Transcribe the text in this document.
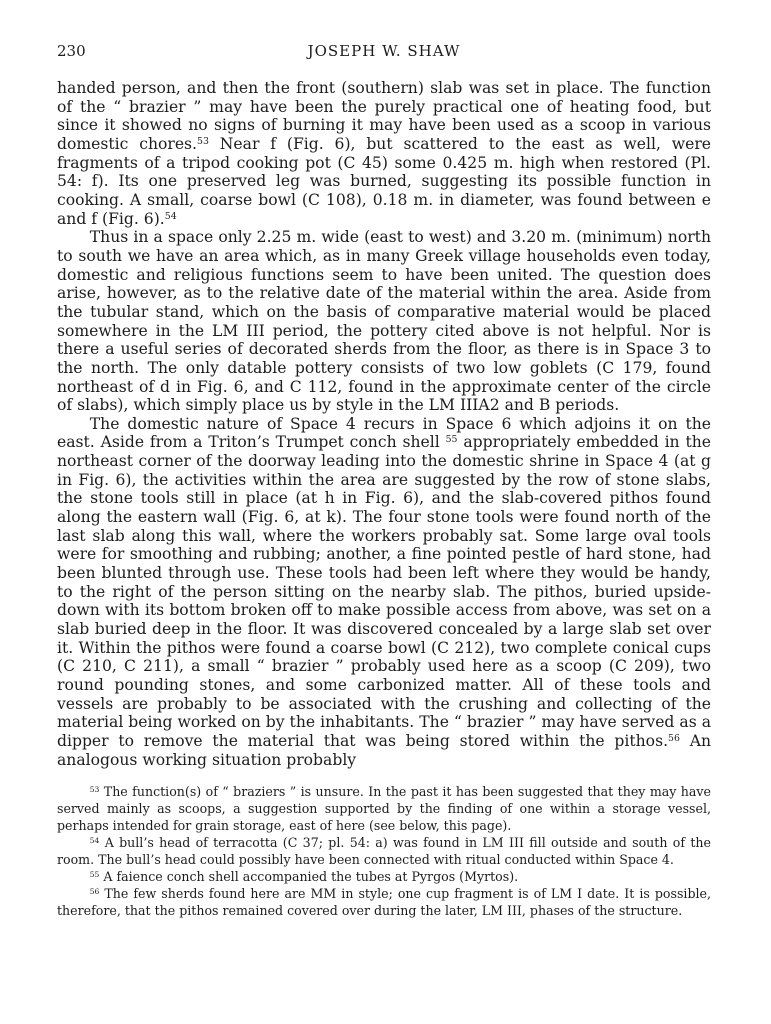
230	JOSEPH W. SHAW

handed person, and then the front (southern) slab was set in place. The function of the “ brazier ” may have been the purely practical one of heating food, but since it showed no signs of burning it may have been used as a scoop in various domestic chores.$^{53}$ Near f (Fig. 6), but scattered to the east as well, were fragments of a tripod cooking pot (C 45) some 0.425 m. high when restored (Pl. 54: f). Its one preserved leg was burned, suggesting its possible function in cooking. A small, coarse bowl (C 108), 0.18 m. in diameter, was found between e and f (Fig. 6).$^{54}$

Thus in a space only 2.25 m. wide (east to west) and 3.20 m. (minimum) north to south we have an area which, as in many Greek village households even today, domestic and religious functions seem to have been united. The question does arise, however, as to the relative date of the material within the area. Aside from the tubular stand, which on the basis of comparative material would be placed somewhere in the LM III period, the pottery cited above is not helpful. Nor is there a useful series of decorated sherds from the floor, as there is in Space 3 to the north. The only datable pottery consists of two low goblets (C 179, found northeast of d in Fig. 6, and C 112, found in the approximate center of the circle of slabs), which simply place us by style in the LM IIIA2 and B periods.

The domestic nature of Space 4 recurs in Space 6 which adjoins it on the east. Aside from a Triton’s Trumpet conch shell $^{55}$ appropriately embedded in the northeast corner of the doorway leading into the domestic shrine in Space 4 (at g in Fig. 6), the activities within the area are suggested by the row of stone slabs, the stone tools still in place (at h in Fig. 6), and the slab-covered pithos found along the eastern wall (Fig. 6, at k). The four stone tools were found north of the last slab along this wall, where the workers probably sat. Some large oval tools were for smoothing and rubbing; another, a fine pointed pestle of hard stone, had been blunted through use. These tools had been left where they would be handy, to the right of the person sitting on the nearby slab. The pithos, buried upside-down with its bottom broken off to make possible access from above, was set on a slab buried deep in the floor. It was discovered concealed by a large slab set over it. Within the pithos were found a coarse bowl (C 212), two complete conical cups (C 210, C 211), a small “ brazier ” probably used here as a scoop (C 209), two round pounding stones, and some carbonized matter. All of these tools and vessels are probably to be associated with the crushing and collecting of the material being worked on by the inhabitants. The “ brazier ” may have served as a dipper to remove the material that was being stored within the pithos.$^{56}$ An analogous working situation probably

$^{53}$ The function(s) of “ braziers ” is unsure. In the past it has been suggested that they may have served mainly as scoops, a suggestion supported by the finding of one within a storage vessel, perhaps intended for grain storage, east of here (see below, this page).

$^{54}$ A bull’s head of terracotta (C 37; pl. 54: a) was found in LM III fill outside and south of the room. The bull’s head could possibly have been connected with ritual conducted within Space 4.

$^{55}$ A faience conch shell accompanied the tubes at Pyrgos (Myrtos).

$^{56}$ The few sherds found here are MM in style; one cup fragment is of LM I date. It is possible, therefore, that the pithos remained covered over during the later, LM III, phases of the structure.
